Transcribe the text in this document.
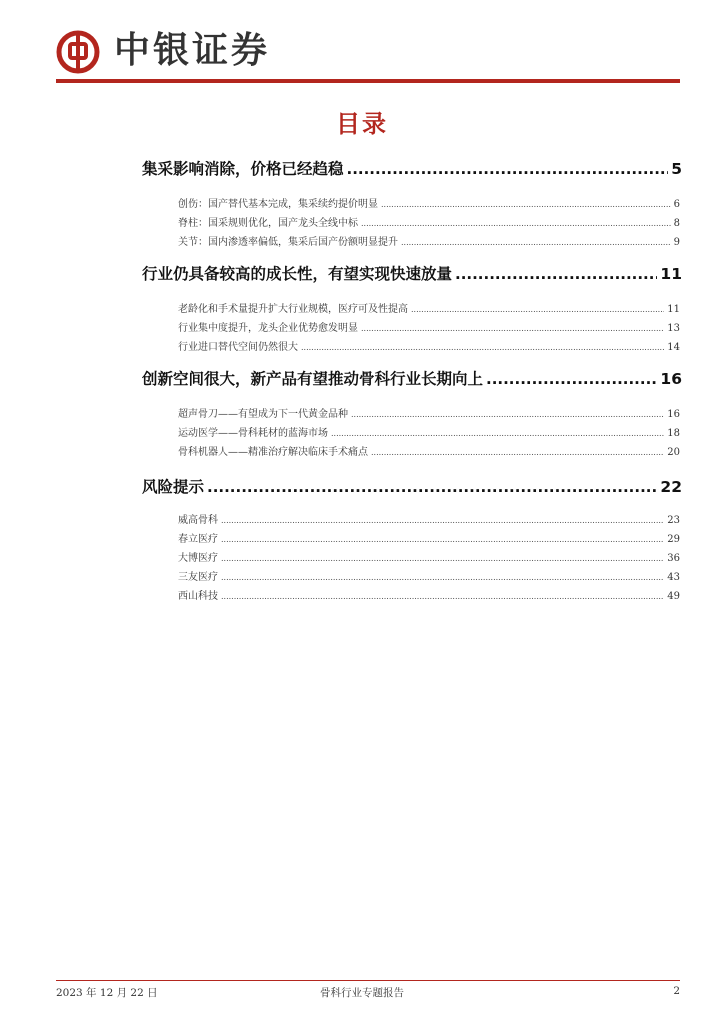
中银证券
目录
集采影响消除，价格已经趋稳 .....	5
创伤：国产替代基本完成，集采续约提价明显 .....	6
脊柱：国采规则优化，国产龙头全线中标 .....	8
关节：国内渗透率偏低，集采后国产份额明显提升 .....	9
行业仍具备较高的成长性，有望实现快速放量 .....	11
老龄化和手术量提升扩大行业规模，医疗可及性提高 .....	11
行业集中度提升，龙头企业优势愈发明显 .....	13
行业进口替代空间仍然很大 .....	14
创新空间很大，新产品有望推动骨科行业长期向上 .....	16
超声骨刀——有望成为下一代黄金品种 .....	16
运动医学——骨科耗材的蓝海市场 .....	18
骨科机器人——精准治疗解决临床手术痛点 .....	20
风险提示 .....	22
威高骨科 .....	23
春立医疗 .....	29
大博医疗 .....	36
三友医疗 .....	43
西山科技 .....	49
2023 年 12 月 22 日	骨科行业专题报告	2
